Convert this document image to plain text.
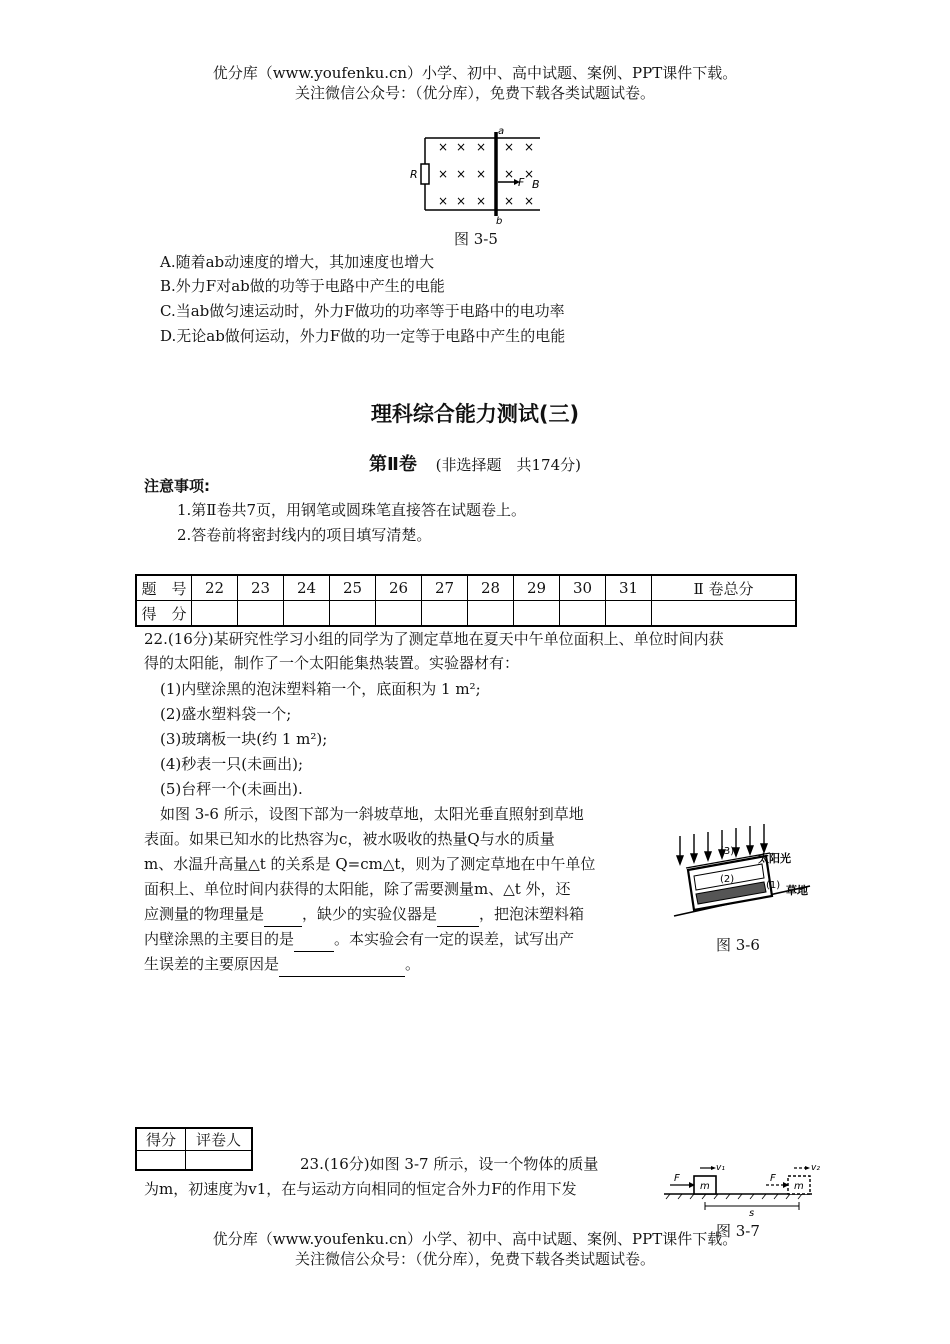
优分库（www.youfenku.cn）小学、初中、高中试题、案例、PPT课件下载。
关注微信公众号：（优分库），免费下载各类试题试卷。
R
a
b
× × × × ×
× × × × ×
× × × × ×
F B
图 3-5
A.随着ab动速度的增大，其加速度也增大
B.外力F对ab做的功等于电路中产生的电能
C.当ab做匀速运动时，外力F做功的功率等于电路中的电功率
D.无论ab做何运动，外力F做的功一定等于电路中产生的电能
理科综合能力测试(三)
第Ⅱ卷 (非选择题　共174分)
注意事项:
1.第Ⅱ卷共7页，用钢笔或圆珠笔直接答在试题卷上。
2.答卷前将密封线内的项目填写清楚。
题　号	22	23	24	25	26	27	28	29	30	31	Ⅱ 卷总分
得　分											
22.(16分)某研究性学习小组的同学为了测定草地在夏天中午单位面积上、单位时间内获
得的太阳能，制作了一个太阳能集热装置。实验器材有：
(1)内壁涂黑的泡沫塑料箱一个，底面积为 1 m²;
(2)盛水塑料袋一个;
(3)玻璃板一块(约 1 m²);
(4)秒表一只(未画出);
(5)台秤一个(未画出).
如图 3-6 所示，设图下部为一斜坡草地，太阳光垂直照射到草地
表面。如果已知水的比热容为c，被水吸收的热量Q与水的质量
m、水温升高量△t 的关系是 Q=cm△t，则为了测定草地在中午单位
面积上、单位时间内获得的太阳能，除了需要测量m、△t 外，还
应测量的物理量是	，缺少的实验仪器是	，把泡沫塑料箱
内壁涂黑的主要目的是	。本实验会有一定的误差，试写出产
生误差的主要原因是	。
(3)
(2)
(1)
太阳光
草地
图 3-6
得分	评卷人

23.(16分)如图 3-7 所示，设一个物体的质量
为m，初速度为v1，在与运动方向相同的恒定合外力F的作用下发	m	m
F	F
v₁	v₂
s
图 3-7
优分库（www.youfenku.cn）小学、初中、高中试题、案例、PPT课件下载。
关注微信公众号：（优分库），免费下载各类试题试卷。
